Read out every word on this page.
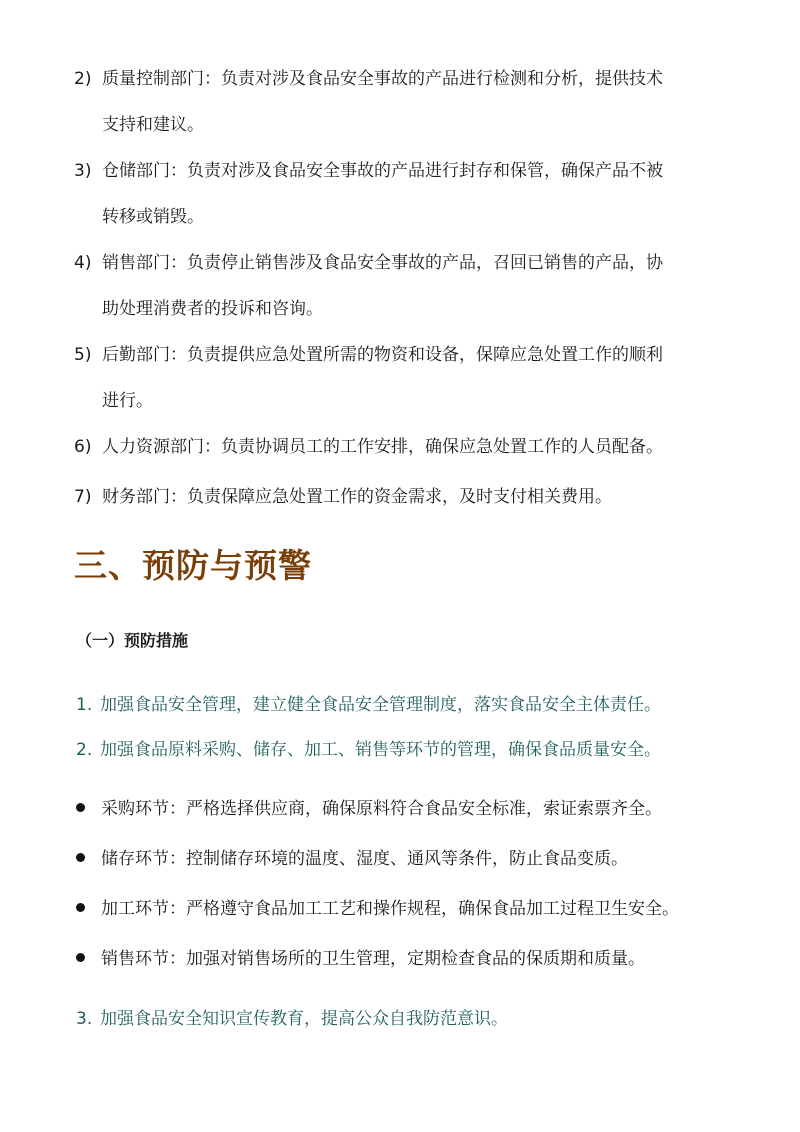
2) 质量控制部门：负责对涉及食品安全事故的产品进行检测和分析，提供技术
支持和建议。
3) 仓储部门：负责对涉及食品安全事故的产品进行封存和保管，确保产品不被
转移或销毁。
4) 销售部门：负责停止销售涉及食品安全事故的产品，召回已销售的产品，协
助处理消费者的投诉和咨询。
5) 后勤部门：负责提供应急处置所需的物资和设备，保障应急处置工作的顺利
进行。
6) 人力资源部门：负责协调员工的工作安排，确保应急处置工作的人员配备。
7) 财务部门：负责保障应急处置工作的资金需求，及时支付相关费用。
三、预防与预警
（一）预防措施
1. 加强食品安全管理，建立健全食品安全管理制度，落实食品安全主体责任。
2. 加强食品原料采购、储存、加工、销售等环节的管理，确保食品质量安全。
采购环节：严格选择供应商，确保原料符合食品安全标准，索证索票齐全。
储存环节：控制储存环境的温度、湿度、通风等条件，防止食品变质。
加工环节：严格遵守食品加工工艺和操作规程，确保食品加工过程卫生安全。
销售环节：加强对销售场所的卫生管理，定期检查食品的保质期和质量。
3. 加强食品安全知识宣传教育，提高公众自我防范意识。
